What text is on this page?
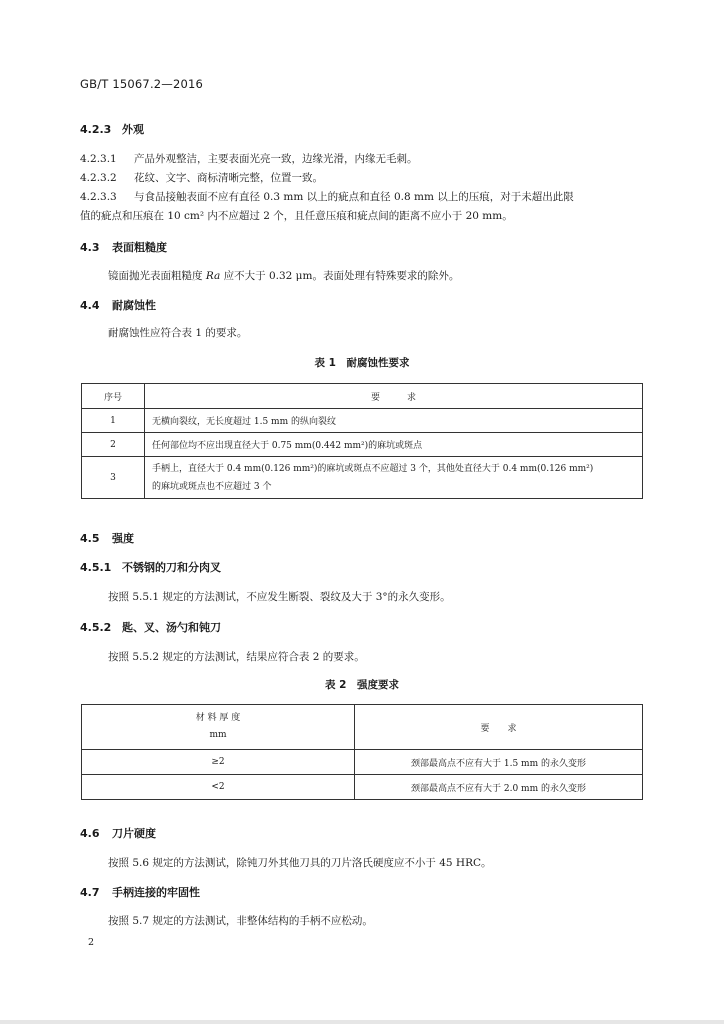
GB/T 15067.2—2016
4.2.3 外观
4.2.3.1 产品外观整洁，主要表面光亮一致，边缘光滑，内缘无毛刺。
4.2.3.2 花纹、文字、商标清晰完整，位置一致。
4.2.3.3 与食品接触表面不应有直径 0.3 mm 以上的疵点和直径 0.8 mm 以上的压痕，对于未超出此限
值的疵点和压痕在 10 cm² 内不应超过 2 个，且任意压痕和疵点间的距离不应小于 20 mm。
4.3 表面粗糙度
镜面抛光表面粗糙度 Ra 应不大于 0.32 μm。表面处理有特殊要求的除外。
4.4 耐腐蚀性
耐腐蚀性应符合表 1 的要求。
表 1　耐腐蚀性要求
序号	要　　　求
1	无横向裂纹，无长度超过 1.5 mm 的纵向裂纹
2	任何部位均不应出现直径大于 0.75 mm(0.442 mm²)的麻坑或斑点
3	手柄上，直径大于 0.4 mm(0.126 mm²)的麻坑或斑点不应超过 3 个，其他处直径大于 0.4 mm(0.126 mm²)
的麻坑或斑点也不应超过 3 个
4.5 强度
4.5.1 不锈钢的刀和分肉叉
按照 5.5.1 规定的方法测试，不应发生断裂、裂纹及大于 3°的永久变形。
4.5.2 匙、叉、汤勺和钝刀
按照 5.5.2 规定的方法测试，结果应符合表 2 的要求。
表 2　强度要求
材 料 厚 度
mm	要　　求
≥2	颈部最高点不应有大于 1.5 mm 的永久变形
<2	颈部最高点不应有大于 2.0 mm 的永久变形
4.6 刀片硬度
按照 5.6 规定的方法测试，除钝刀外其他刀具的刀片洛氏硬度应不小于 45 HRC。
4.7 手柄连接的牢固性
按照 5.7 规定的方法测试，非整体结构的手柄不应松动。
2
